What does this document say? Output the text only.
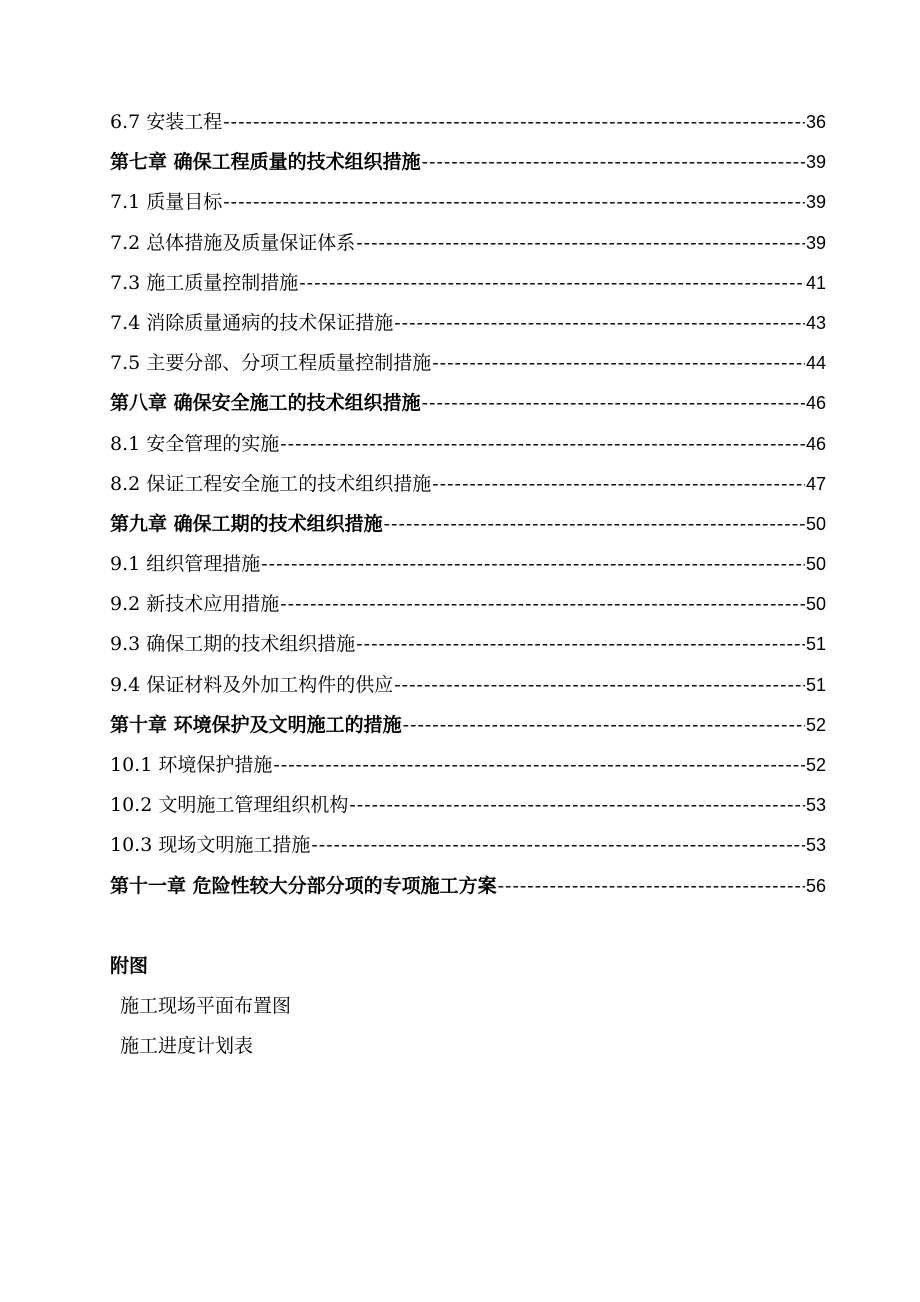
6.7 安装工程 -----	36
第七章 确保工程质量的技术组织措施 -----	39
7.1 质量目标 -----	39
7.2 总体措施及质量保证体系 -----	39
7.3 施工质量控制措施 -----	41
7.4 消除质量通病的技术保证措施 -----	43
7.5 主要分部、分项工程质量控制措施 -----	44
第八章 确保安全施工的技术组织措施 -----	46
8.1 安全管理的实施 -----	46
8.2 保证工程安全施工的技术组织措施 -----	47
第九章 确保工期的技术组织措施 -----	50
9.1 组织管理措施 -----	50
9.2 新技术应用措施 -----	50
9.3 确保工期的技术组织措施 -----	51
9.4 保证材料及外加工构件的供应 -----	51
第十章 环境保护及文明施工的措施 -----	52
10.1 环境保护措施 -----	52
10.2 文明施工管理组织机构 -----	53
10.3 现场文明施工措施 -----	53
第十一章 危险性较大分部分项的专项施工方案 -----	56
附图
施工现场平面布置图
施工进度计划表
